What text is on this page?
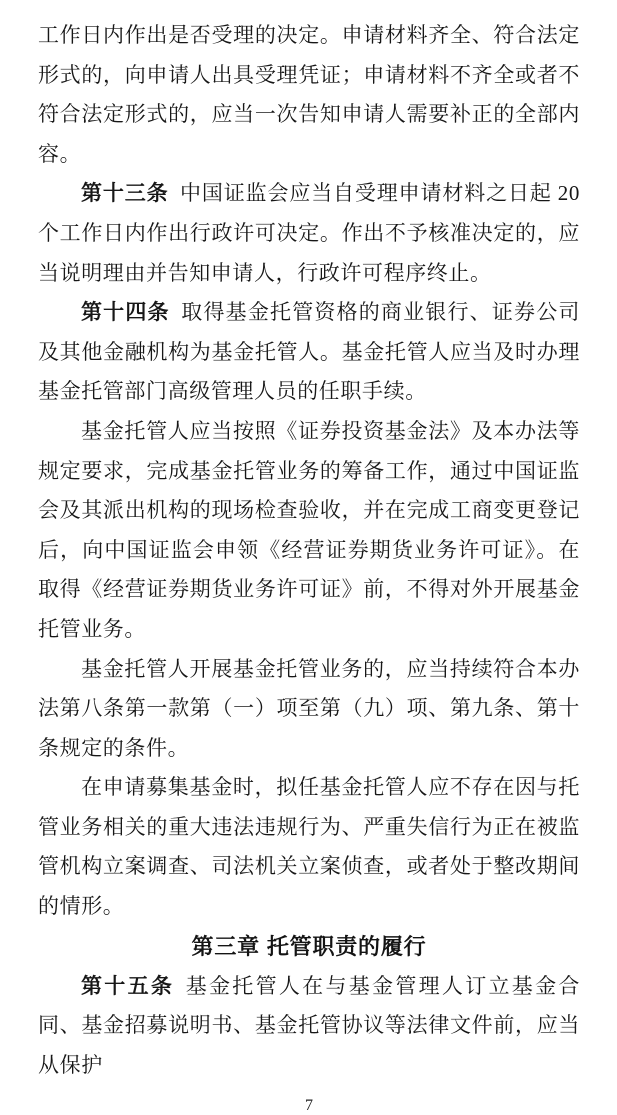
工作日内作出是否受理的决定。申请材料齐全、符合法定形式的，向申请人出具受理凭证；申请材料不齐全或者不符合法定形式的，应当一次告知申请人需要补正的全部内容。

第十三条 中国证监会应当自受理申请材料之日起 20 个工作日内作出行政许可决定。作出不予核准决定的，应当说明理由并告知申请人，行政许可程序终止。

第十四条 取得基金托管资格的商业银行、证券公司及其他金融机构为基金托管人。基金托管人应当及时办理基金托管部门高级管理人员的任职手续。

基金托管人应当按照《证券投资基金法》及本办法等规定要求，完成基金托管业务的筹备工作，通过中国证监会及其派出机构的现场检查验收，并在完成工商变更登记后，向中国证监会申领《经营证券期货业务许可证》。在取得《经营证券期货业务许可证》前，不得对外开展基金托管业务。

基金托管人开展基金托管业务的，应当持续符合本办法第八条第一款第（一）项至第（九）项、第九条、第十条规定的条件。

在申请募集基金时，拟任基金托管人应不存在因与托管业务相关的重大违法违规行为、严重失信行为正在被监管机构立案调查、司法机关立案侦查，或者处于整改期间的情形。

第三章 托管职责的履行

第十五条 基金托管人在与基金管理人订立基金合同、基金招募说明书、基金托管协议等法律文件前，应当从保护

7
